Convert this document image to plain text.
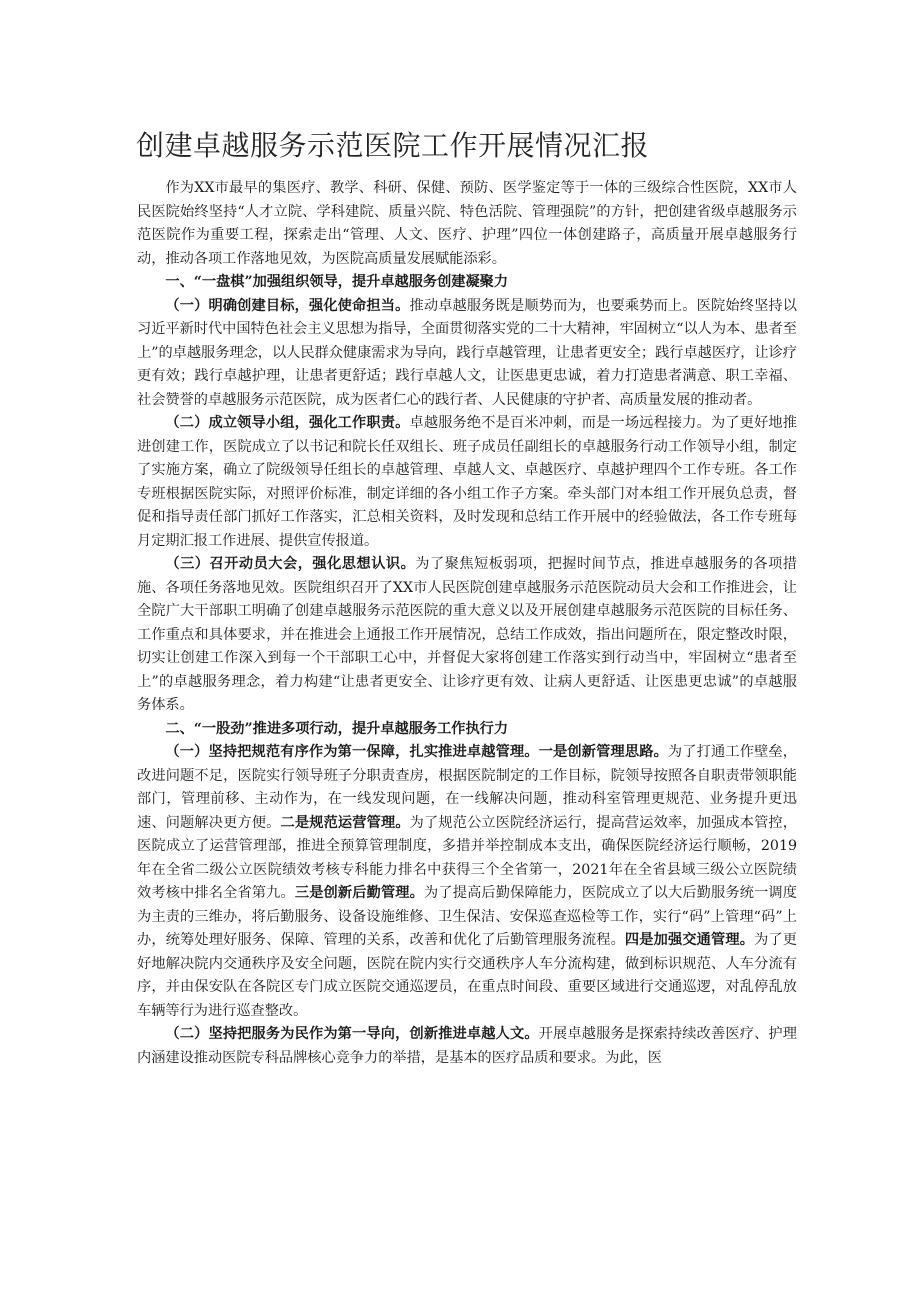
创建卓越服务示范医院工作开展情况汇报

作为XX市最早的集医疗、教学、科研、保健、预防、医学鉴定等于一体的三级综合性医院，XX市人民医院始终坚持“人才立院、学科建院、质量兴院、特色活院、管理强院”的方针，把创建省级卓越服务示范医院作为重要工程，探索走出“管理、人文、医疗、护理”四位一体创建路子，高质量开展卓越服务行动，推动各项工作落地见效，为医院高质量发展赋能添彩。

一、“一盘棋”加强组织领导，提升卓越服务创建凝聚力

（一）明确创建目标，强化使命担当。推动卓越服务既是顺势而为，也要乘势而上。医院始终坚持以习近平新时代中国特色社会主义思想为指导，全面贯彻落实党的二十大精神，牢固树立“以人为本、患者至上”的卓越服务理念，以人民群众健康需求为导向，践行卓越管理，让患者更安全；践行卓越医疗，让诊疗更有效；践行卓越护理，让患者更舒适；践行卓越人文，让医患更忠诚，着力打造患者满意、职工幸福、社会赞誉的卓越服务示范医院，成为医者仁心的践行者、人民健康的守护者、高质量发展的推动者。

（二）成立领导小组，强化工作职责。卓越服务绝不是百米冲刺，而是一场远程接力。为了更好地推进创建工作，医院成立了以书记和院长任双组长、班子成员任副组长的卓越服务行动工作领导小组，制定了实施方案，确立了院级领导任组长的卓越管理、卓越人文、卓越医疗、卓越护理四个工作专班。各工作专班根据医院实际，对照评价标准，制定详细的各小组工作子方案。牵头部门对本组工作开展负总责，督促和指导责任部门抓好工作落实，汇总相关资料，及时发现和总结工作开展中的经验做法，各工作专班每月定期汇报工作进展、提供宣传报道。

（三）召开动员大会，强化思想认识。为了聚焦短板弱项，把握时间节点，推进卓越服务的各项措施、各项任务落地见效。医院组织召开了XX市人民医院创建卓越服务示范医院动员大会和工作推进会，让全院广大干部职工明确了创建卓越服务示范医院的重大意义以及开展创建卓越服务示范医院的目标任务、工作重点和具体要求，并在推进会上通报工作开展情况，总结工作成效，指出问题所在，限定整改时限，切实让创建工作深入到每一个干部职工心中，并督促大家将创建工作落实到行动当中，牢固树立“患者至上”的卓越服务理念，着力构建“让患者更安全、让诊疗更有效、让病人更舒适、让医患更忠诚”的卓越服务体系。

二、“一股劲”推进多项行动，提升卓越服务工作执行力

（一）坚持把规范有序作为第一保障，扎实推进卓越管理。一是创新管理思路。为了打通工作壁垒，改进问题不足，医院实行领导班子分职责查房，根据医院制定的工作目标，院领导按照各自职责带领职能部门，管理前移、主动作为，在一线发现问题，在一线解决问题，推动科室管理更规范、业务提升更迅速、问题解决更方便。二是规范运营管理。为了规范公立医院经济运行，提高营运效率，加强成本管控，医院成立了运营管理部，推进全预算管理制度，多措并举控制成本支出，确保医院经济运行顺畅，2019年在全省二级公立医院绩效考核专科能力排名中获得三个全省第一，2021年在全省县域三级公立医院绩效考核中排名全省第九。三是创新后勤管理。为了提高后勤保障能力，医院成立了以大后勤服务统一调度为主责的三维办，将后勤服务、设备设施维修、卫生保洁、安保巡查巡检等工作，实行“码”上管理“码”上办，统筹处理好服务、保障、管理的关系，改善和优化了后勤管理服务流程。四是加强交通管理。为了更好地解决院内交通秩序及安全问题，医院在院内实行交通秩序人车分流构建，做到标识规范、人车分流有序，并由保安队在各院区专门成立医院交通巡逻员，在重点时间段、重要区域进行交通巡逻，对乱停乱放车辆等行为进行巡查整改。

（二）坚持把服务为民作为第一导向，创新推进卓越人文。开展卓越服务是探索持续改善医疗、护理内涵建设推动医院专科品牌核心竞争力的举措，是基本的医疗品质和要求。为此，医
